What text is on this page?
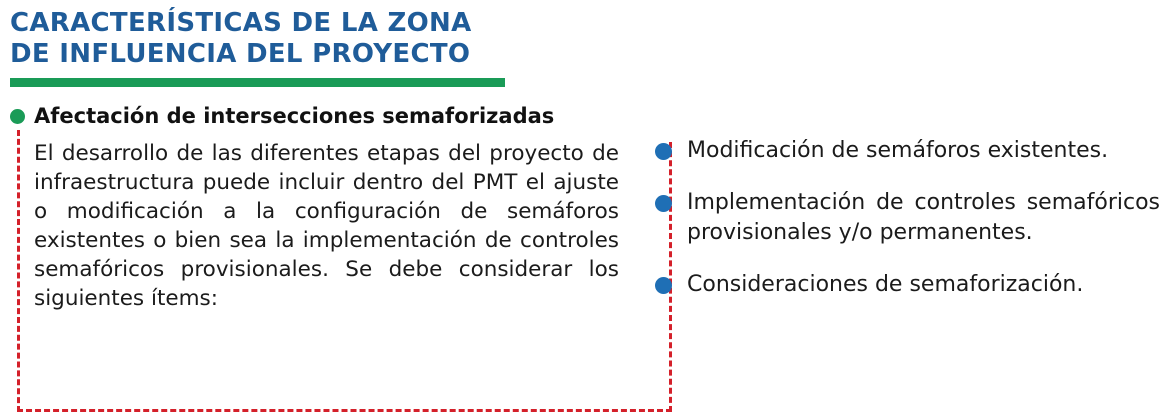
CARACTERÍSTICAS DE LA ZONA
DE INFLUENCIA DEL PROYECTO
Afectación de intersecciones semaforizadas
El desarrollo de las diferentes etapas del proyecto de infraestructura puede incluir dentro del PMT el ajuste o modificación a la configuración de semáforos existentes o bien sea la implementación de controles semafóricos provisionales. Se debe considerar los siguientes ítems:
Modificación de semáforos existentes.
Implementación de controles semafóricos provisionales y/o permanentes.
Consideraciones de semaforización.
